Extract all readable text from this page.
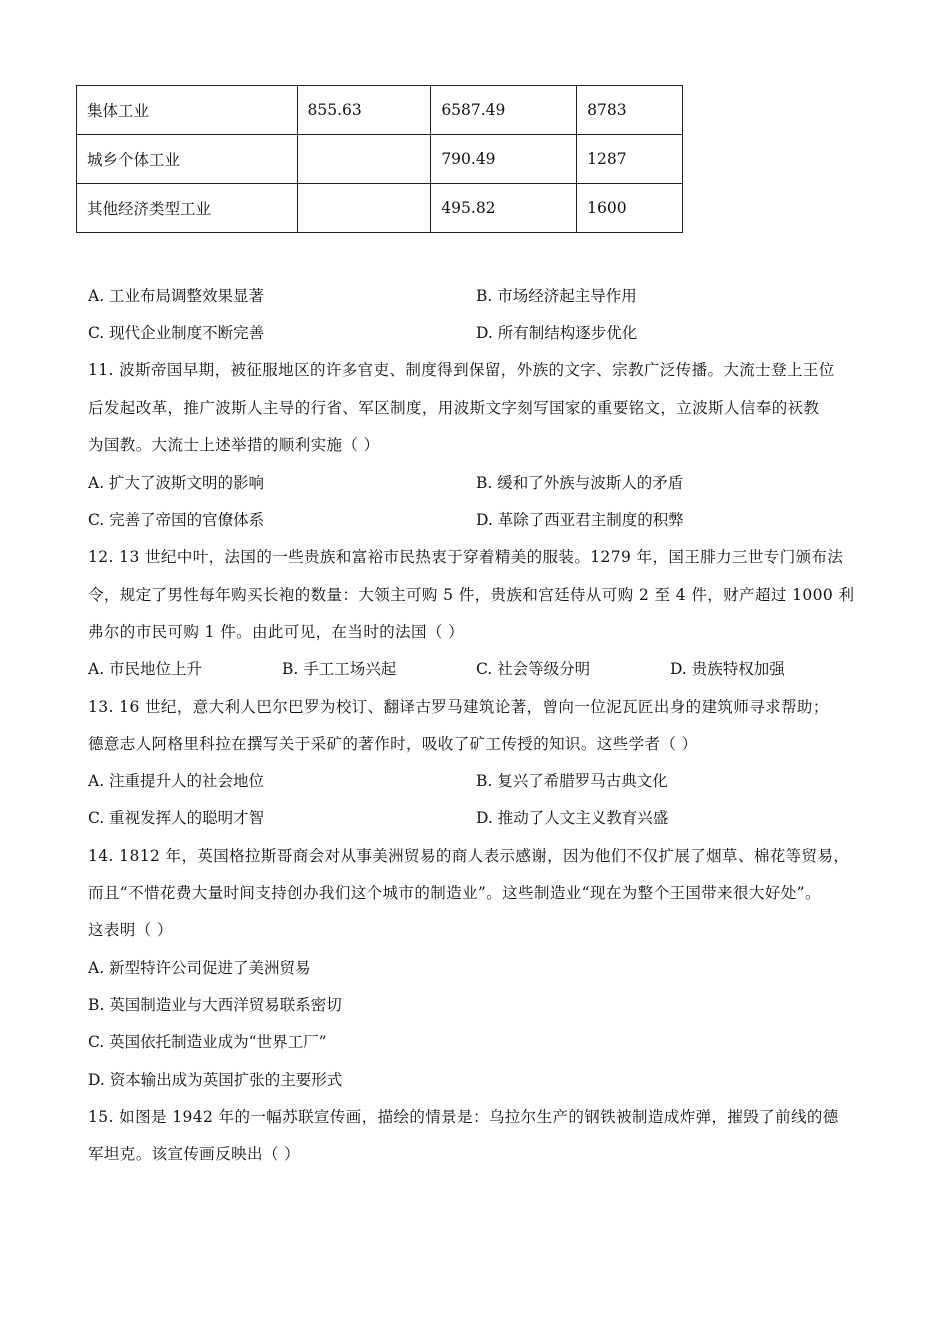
集体工业	855.63	6587.49	8783
城乡个体工业		790.49	1287
其他经济类型工业		495.82	1600
A. 工业布局调整效果显著	B. 市场经济起主导作用
C. 现代企业制度不断完善	D. 所有制结构逐步优化
11. 波斯帝国早期，被征服地区的许多官吏、制度得到保留，外族的文字、宗教广泛传播。大流士登上王位
后发起改革，推广波斯人主导的行省、军区制度，用波斯文字刻写国家的重要铭文，立波斯人信奉的祆教
为国教。大流士上述举措的顺利实施（ ）
A. 扩大了波斯文明的影响	B. 缓和了外族与波斯人的矛盾
C. 完善了帝国的官僚体系	D. 革除了西亚君主制度的积弊
12. 13 世纪中叶，法国的一些贵族和富裕市民热衷于穿着精美的服装。1279 年，国王腓力三世专门颁布法
令，规定了男性每年购买长袍的数量：大领主可购 5 件，贵族和宫廷侍从可购 2 至 4 件，财产超过 1000 利
弗尔的市民可购 1 件。由此可见，在当时的法国（ ）
A. 市民地位上升	B. 手工工场兴起	C. 社会等级分明	D. 贵族特权加强
13. 16 世纪，意大利人巴尔巴罗为校订、翻译古罗马建筑论著，曾向一位泥瓦匠出身的建筑师寻求帮助；
德意志人阿格里科拉在撰写关于采矿的著作时，吸收了矿工传授的知识。这些学者（ ）
A. 注重提升人的社会地位	B. 复兴了希腊罗马古典文化
C. 重视发挥人的聪明才智	D. 推动了人文主义教育兴盛
14. 1812 年，英国格拉斯哥商会对从事美洲贸易的商人表示感谢，因为他们不仅扩展了烟草、棉花等贸易，
而且“不惜花费大量时间支持创办我们这个城市的制造业”。这些制造业“现在为整个王国带来很大好处”。
这表明（ ）
A. 新型特许公司促进了美洲贸易
B. 英国制造业与大西洋贸易联系密切
C. 英国依托制造业成为“世界工厂”
D. 资本输出成为英国扩张的主要形式
15. 如图是 1942 年的一幅苏联宣传画，描绘的情景是：乌拉尔生产的钢铁被制造成炸弹，摧毁了前线的德
军坦克。该宣传画反映出（ ）
